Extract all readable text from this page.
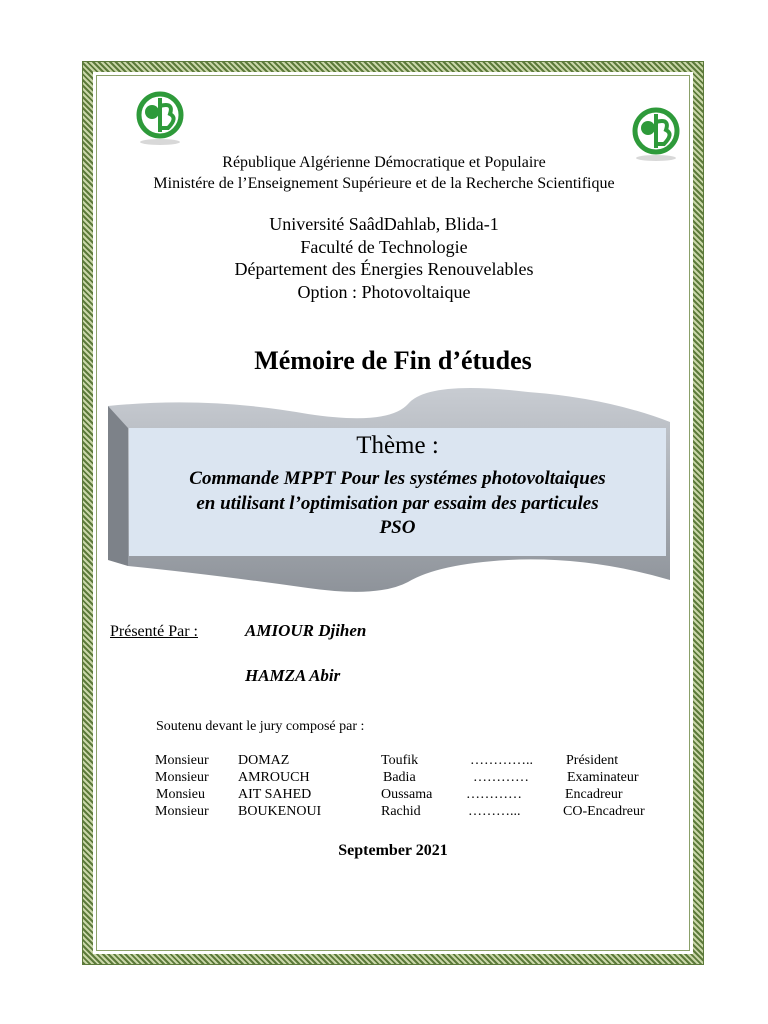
République Algérienne Démocratique et Populaire
Ministére de l’Enseignement Supérieure et de la Recherche Scientifique
Université SaâdDahlab, Blida-1
Faculté de Technologie
Département des Énergies Renouvelables
Option : Photovoltaique
Mémoire de Fin d’études
Thème :
Commande MPPT Pour les systémes photovoltaiques
en utilisant l’optimisation par essaim des particules
PSO
Présenté Par :	AMIOUR Djihen
HAMZA Abir
Soutenu devant le jury composé par :
Monsieur DOMAZ	Toufik	………….. Président
Monsieur AMROUCH	Badia	…………	Examinateur
Monsieu AIT SAHED	Oussama …………	Encadreur
Monsieur BOUKENOUI	Rachid	………...	CO-Encadreur
September 2021
